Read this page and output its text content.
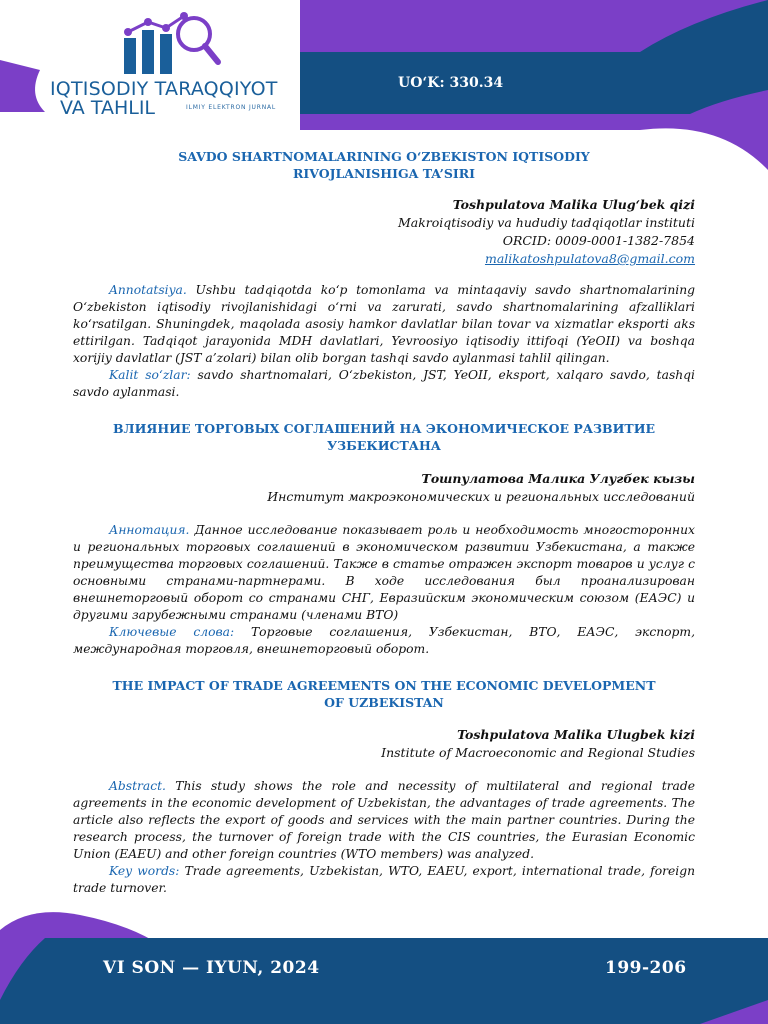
IQTISODIY TARAQQIYOT
VA TAHLIL	ILMIY ELEKTRON JURNAL
UO‘K: 330.34
SAVDO SHARTNOMALARINING O‘ZBEKISTON IQTISODIY
RIVOJLANISHIGA TA’SIRI
Toshpulatova Malika Ulug‘bek qizi
Makroiqtisodiy va hududiy tadqiqotlar instituti
ORCID: 0009-0001-1382-7854
malikatoshpulatova8@gmail.com
Annotatsiya. Ushbu tadqiqotda ko‘p tomonlama va mintaqaviy savdo shartnomalarining O‘zbekiston iqtisodiy rivojlanishidagi o‘rni va zarurati, savdo shartnomalarining afzalliklari ko‘rsatilgan. Shuningdek, maqolada asosiy hamkor davlatlar bilan tovar va xizmatlar eksporti aks ettirilgan. Tadqiqot jarayonida MDH davlatlari, Yevroosiyo iqtisodiy ittifoqi (YeOII) va boshqa xorijiy davlatlar (JST a’zolari) bilan olib borgan tashqi savdo aylanmasi tahlil qilingan.
Kalit so‘zlar: savdo shartnomalari, O‘zbekiston, JST, YeOII, eksport, xalqaro savdo, tashqi savdo aylanmasi.
ВЛИЯНИЕ ТОРГОВЫХ СОГЛАШЕНИЙ НА ЭКОНОМИЧЕСКОЕ РАЗВИТИЕ
УЗБЕКИСТАНА
Тошпулатова Малика Улугбек кызы
Институт макроэкономических и региональных исследований
Аннотация. Данное исследование показывает роль и необходимость многосторонних и региональных торговых соглашений в экономическом развитии Узбекистана, а также преимущества торговых соглашений. Также в статье отражен экспорт товаров и услуг с основными странами-партнерами. В ходе исследования был проанализирован внешнеторговый оборот со странами СНГ, Евразийским экономическим союзом (ЕАЭС) и другими зарубежными странами (членами ВТО)
Ключевые слова: Торговые соглашения, Узбекистан, ВТО, ЕАЭС, экспорт, международная торговля, внешнеторговый оборот.
THE IMPACT OF TRADE AGREEMENTS ON THE ECONOMIC DEVELOPMENT
OF UZBEKISTAN
Toshpulatova Malika Ulugbek kizi
Institute of Macroeconomic and Regional Studies
Abstract. This study shows the role and necessity of multilateral and regional trade agreements in the economic development of Uzbekistan, the advantages of trade agreements. The article also reflects the export of goods and services with the main partner countries. During the research process, the turnover of foreign trade with the CIS countries, the Eurasian Economic Union (EAEU) and other foreign countries (WTO members) was analyzed.
Key words: Trade agreements, Uzbekistan, WTO, EAEU, export, international trade, foreign trade turnover.
VI SON — IYUN, 2024	199-206
